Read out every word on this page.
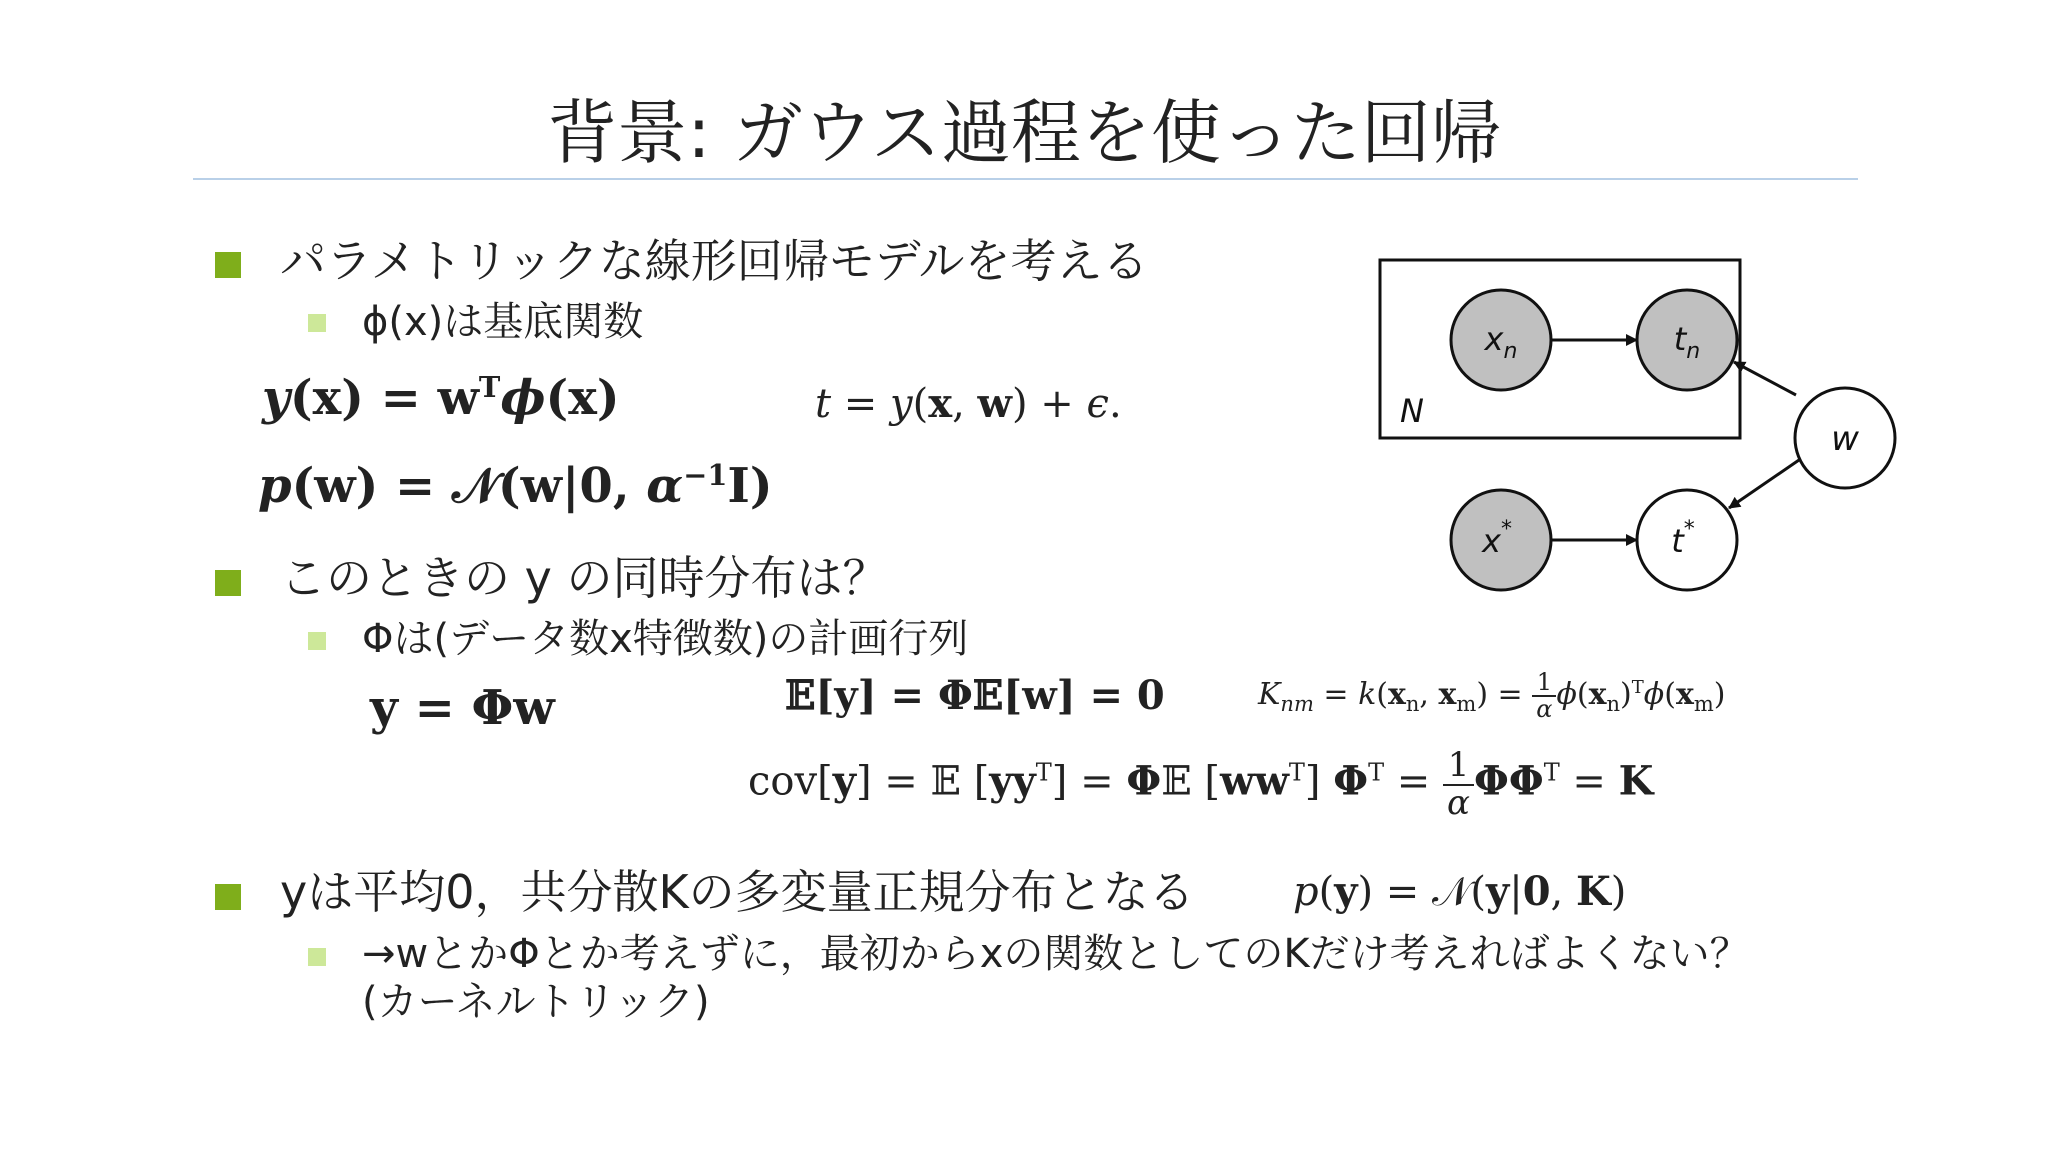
背景: ガウス過程を使った回帰
パラメトリックな線形回帰モデルを考える
ϕ(x)は基底関数
$y(x) = w^T\phi(x)$	t = y(x, w) + ϵ.
p(w) = 𝒩(w|0, $\alpha^{-1}I$)
このときの y の同時分布は？
Φは(データ数x特徴数)の計画行列
y = Φw	𝔼[y] = Φ𝔼[w] = 0	$K_{nm} = k(x_n$, $x_m) = \frac{1}{\alpha} \phi(x_n)^T\phi(x_m)$
cov[y] = 𝔼 $[yy^T]$ = Φ𝔼 $[ww^T] \Phi^T = \frac{1}{\alpha} \Phi\Phi^T = K$
yは平均0，共分散Kの多変量正規分布となる p(y) = 𝒩(y|0, K)
→wとかΦとか考えずに，最初からxの関数としてのKだけ考えればよくない？
(カーネルトリック)
N
$x_n$	$t_n$
w
x*	t*
